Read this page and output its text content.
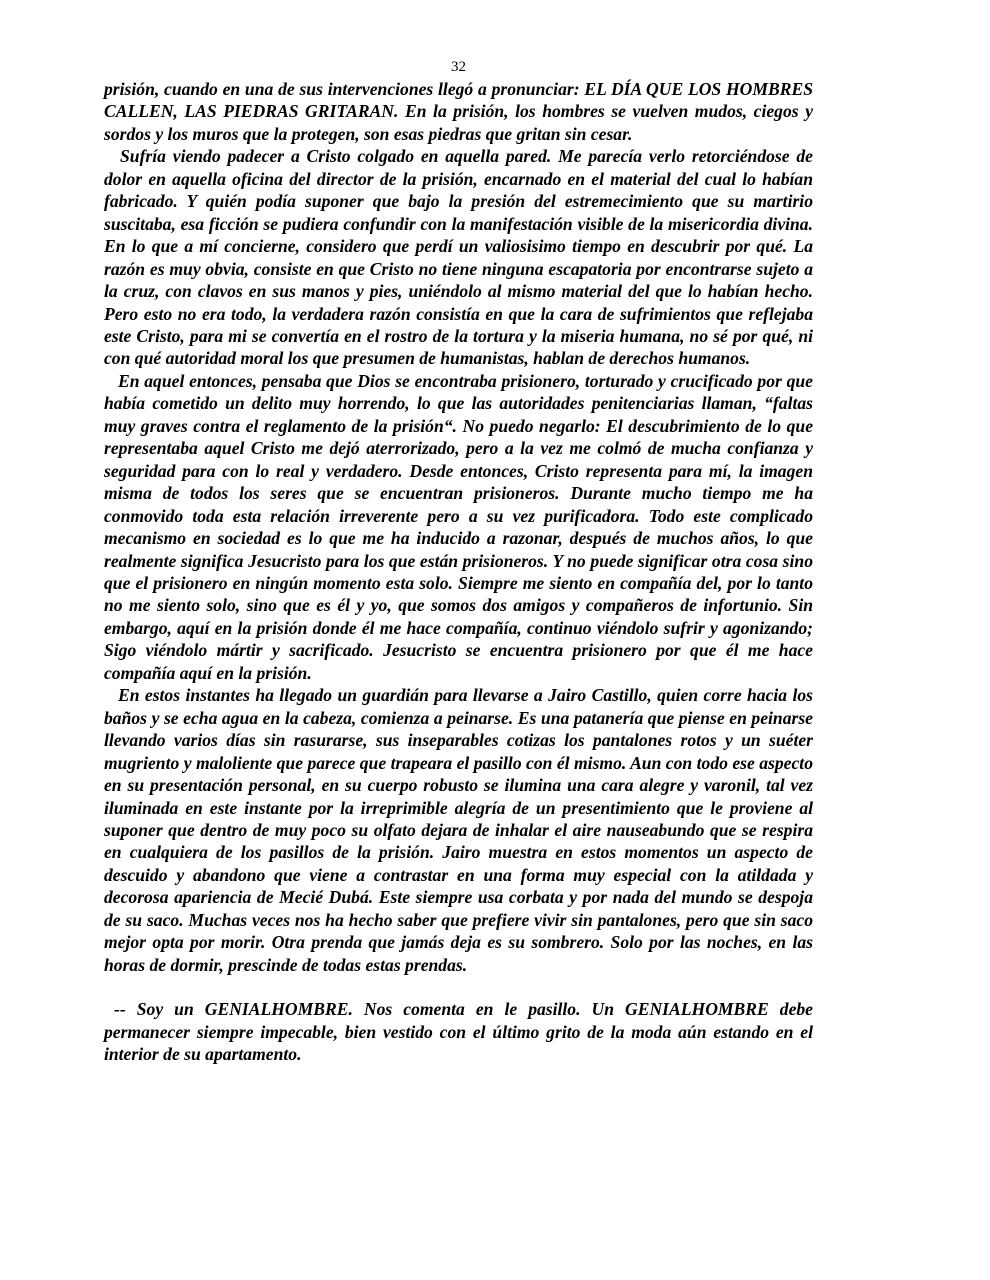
32

prisión, cuando en una de sus intervenciones llegó a pronunciar: EL DÍA QUE LOS HOMBRES CALLEN, LAS PIEDRAS GRITARAN. En la prisión, los hombres se vuelven mudos, ciegos y sordos y los muros que la protegen, son esas piedras que gritan sin cesar.

Sufría viendo padecer a Cristo colgado en aquella pared. Me parecía verlo retorciéndose de dolor en aquella oficina del director de la prisión, encarnado en el material del cual lo habían fabricado. Y quién podía suponer que bajo la presión del estremecimiento que su martirio suscitaba, esa ficción se pudiera confundir con la manifestación visible de la misericordia divina. En lo que a mí concierne, considero que perdí un valiosisimo tiempo en descubrir por qué. La razón es muy obvia, consiste en que Cristo no tiene ninguna escapatoria por encontrarse sujeto a la cruz, con clavos en sus manos y pies, uniéndolo al mismo material del que lo habían hecho. Pero esto no era todo, la verdadera razón consistía en que la cara de sufrimientos que reflejaba este Cristo, para mi se convertía en el rostro de la tortura y la miseria humana, no sé por qué, ni con qué autoridad moral los que presumen de humanistas, hablan de derechos humanos.

En aquel entonces, pensaba que Dios se encontraba prisionero, torturado y crucificado por que había cometido un delito muy horrendo, lo que las autoridades penitenciarias llaman, “faltas muy graves contra el reglamento de la prisión“. No puedo negarlo: El descubrimiento de lo que representaba aquel Cristo me dejó aterrorizado, pero a la vez me colmó de mucha confianza y seguridad para con lo real y verdadero. Desde entonces, Cristo representa para mí, la imagen misma de todos los seres que se encuentran prisioneros. Durante mucho tiempo me ha conmovido toda esta relación irreverente pero a su vez purificadora. Todo este complicado mecanismo en sociedad es lo que me ha inducido a razonar, después de muchos años, lo que realmente significa Jesucristo para los que están prisioneros. Y no puede significar otra cosa sino que el prisionero en ningún momento esta solo. Siempre me siento en compañía del, por lo tanto no me siento solo, sino que es él y yo, que somos dos amigos y compañeros de infortunio. Sin embargo, aquí en la prisión donde él me hace compañía, continuo viéndolo sufrir y agonizando; Sigo viéndolo mártir y sacrificado. Jesucristo se encuentra prisionero por que él me hace compañía aquí en la prisión.

En estos instantes ha llegado un guardián para llevarse a Jairo Castillo, quien corre hacia los baños y se echa agua en la cabeza, comienza a peinarse. Es una patanería que piense en peinarse llevando varios días sin rasurarse, sus inseparables cotizas los pantalones rotos y un suéter mugriento y maloliente que parece que trapeara el pasillo con él mismo. Aun con todo ese aspecto en su presentación personal, en su cuerpo robusto se ilumina una cara alegre y varonil, tal vez iluminada en este instante por la irreprimible alegría de un presentimiento que le proviene al suponer que dentro de muy poco su olfato dejara de inhalar el aire nauseabundo que se respira en cualquiera de los pasillos de la prisión. Jairo muestra en estos momentos un aspecto de descuido y abandono que viene a contrastar en una forma muy especial con la atildada y decorosa apariencia de Mecié Dubá. Este siempre usa corbata y por nada del mundo se despoja de su saco. Muchas veces nos ha hecho saber que prefiere vivir sin pantalones, pero que sin saco mejor opta por morir. Otra prenda que jamás deja es su sombrero. Solo por las noches, en las horas de dormir, prescinde de todas estas prendas.

-- Soy un GENIALHOMBRE. Nos comenta en le pasillo. Un GENIALHOMBRE debe permanecer siempre impecable, bien vestido con el último grito de la moda aún estando en el interior de su apartamento.
